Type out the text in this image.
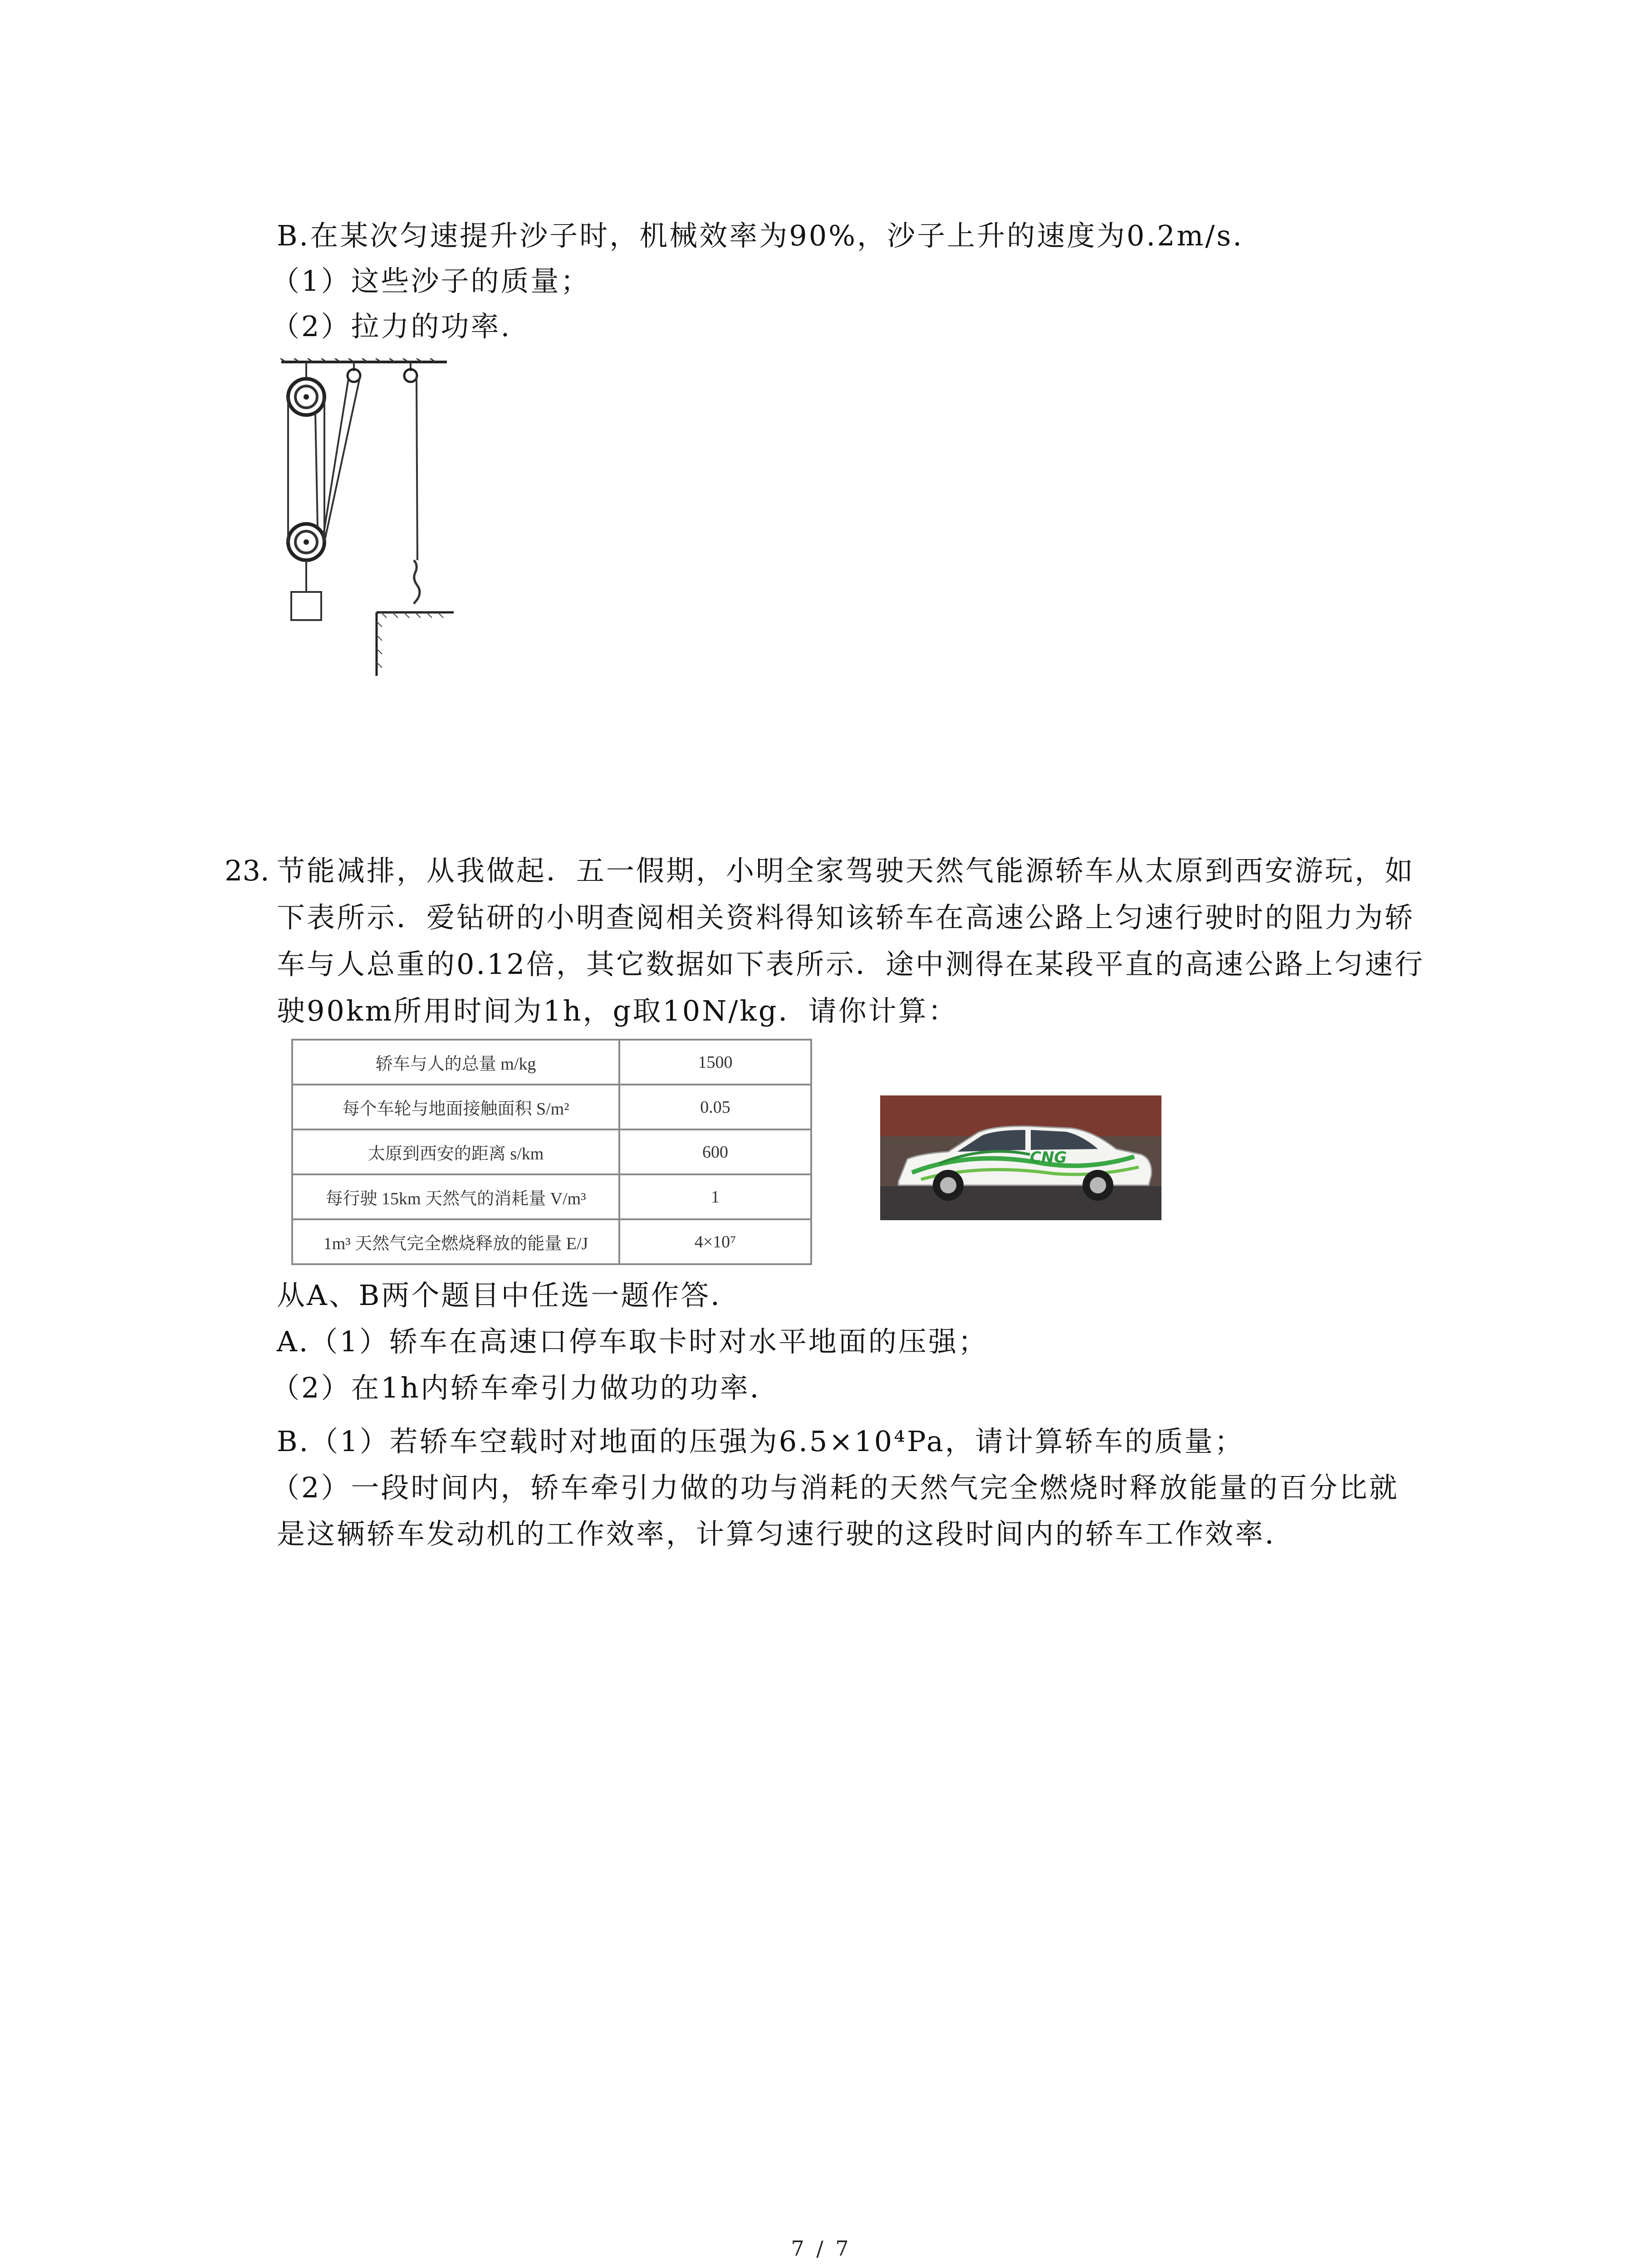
B.在某次匀速提升沙子时，机械效率为90%，沙子上升的速度为0.2m/s.
（1）这些沙子的质量；
（2）拉力的功率.
23. 节能减排，从我做起．五一假期，小明全家驾驶天然气能源轿车从太原到西安游玩，如
下表所示．爱钻研的小明查阅相关资料得知该轿车在高速公路上匀速行驶时的阻力为轿
车与人总重的0.12倍，其它数据如下表所示．途中测得在某段平直的高速公路上匀速行
驶90km所用时间为1h，g取10N/kg．请你计算：
轿车与人的总量 m/kg	1500
每个车轮与地面接触面积 S/m²	0.05
太原到西安的距离 s/km	600
每行驶 15km 天然气的消耗量 V/m³	1
1m³ 天然气完全燃烧释放的能量 E/J	4×10⁷
CNG
从A、B两个题目中任选一题作答．
A.（1）轿车在高速口停车取卡时对水平地面的压强；
（2）在1h内轿车牵引力做功的功率．
B.（1）若轿车空载时对地面的压强为6.5×10⁴Pa，请计算轿车的质量；
（2）一段时间内，轿车牵引力做的功与消耗的天然气完全燃烧时释放能量的百分比就
是这辆轿车发动机的工作效率，计算匀速行驶的这段时间内的轿车工作效率．
7 / 7
